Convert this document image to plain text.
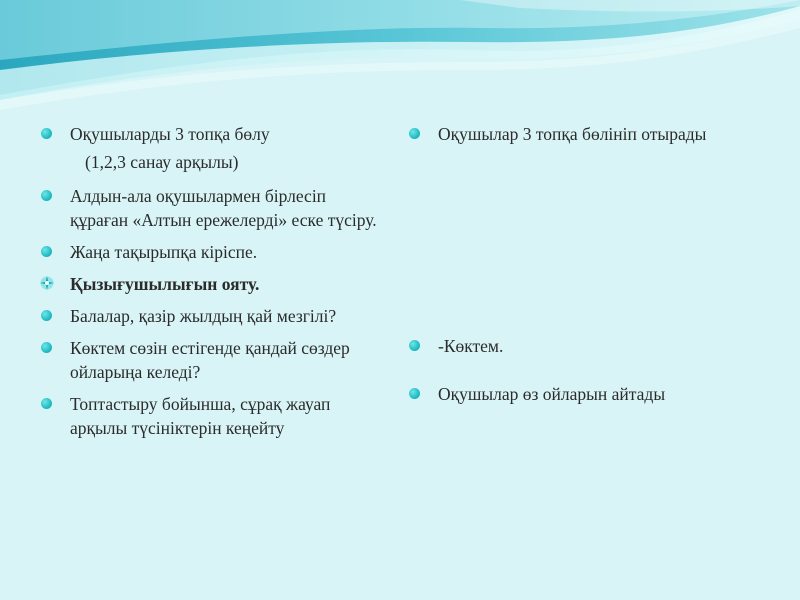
Оқушыларды 3 топқа бөлу
(1,2,3 санау арқылы)
Алдын-ала оқушылармен бірлесіп құраған «Алтын ережелерді» еске түсіру.
Жаңа тақырыпқа кіріспе.
Қызығушылығын ояту.
Балалар, қазір жылдың қай мезгілі?
Көктем сөзін естігенде қандай сөздер ойларыңа келеді?
Топтастыру бойынша, сұрақ жауап арқылы түсініктерін кеңейту
Оқушылар 3 топқа бөлініп отырады
-Көктем.
Оқушылар өз ойларын айтады
